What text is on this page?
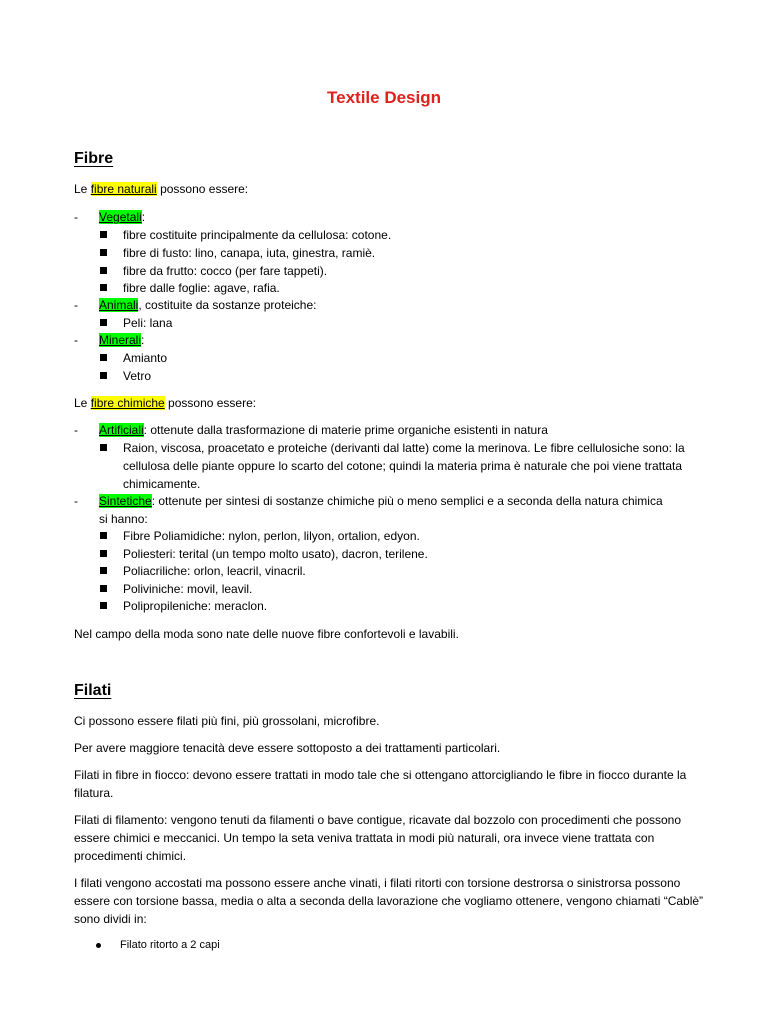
Textile Design
Fibre
Le fibre naturali possono essere:
- Vegetali:
fibre costituite principalmente da cellulosa: cotone.
fibre di fusto: lino, canapa, iuta, ginestra, ramiè.
fibre da frutto: cocco (per fare tappeti).
fibre dalle foglie: agave, rafia.
- Animali, costituite da sostanze proteiche:
Peli: lana
- Minerali:
Amianto
Vetro
Le fibre chimiche possono essere:
- Artificiali: ottenute dalla trasformazione di materie prime organiche esistenti in natura
Raion, viscosa, proacetato e proteiche (derivanti dal latte) come la merinova. Le fibre cellulosiche sono: la cellulosa delle piante oppure lo scarto del cotone; quindi la materia prima è naturale che poi viene trattata chimicamente.
- Sintetiche: ottenute per sintesi di sostanze chimiche più o meno semplici e a seconda della natura chimica si hanno:
Fibre Poliamidiche: nylon, perlon, lilyon, ortalion, edyon.
Poliesteri: terital (un tempo molto usato), dacron, terilene.
Poliacriliche: orlon, leacril, vinacril.
Poliviniche: movil, leavil.
Polipropileniche: meraclon.
Nel campo della moda sono nate delle nuove fibre confortevoli e lavabili.
Filati
Ci possono essere filati più fini, più grossolani, microfibre.
Per avere maggiore tenacità deve essere sottoposto a dei trattamenti particolari.
Filati in fibre in fiocco: devono essere trattati in modo tale che si ottengano attorcigliando le fibre in fiocco durante la filatura.
Filati di filamento: vengono tenuti da filamenti o bave contigue, ricavate dal bozzolo con procedimenti che possono essere chimici e meccanici. Un tempo la seta veniva trattata in modi più naturali, ora invece viene trattata con procedimenti chimici.
I filati vengono accostati ma possono essere anche vinati, i filati ritorti con torsione destrorsa o sinistrorsa possono essere con torsione bassa, media o alta a seconda della lavorazione che vogliamo ottenere, vengono chiamati “Cablè” sono dividi in:
Filato ritorto a 2 capi
